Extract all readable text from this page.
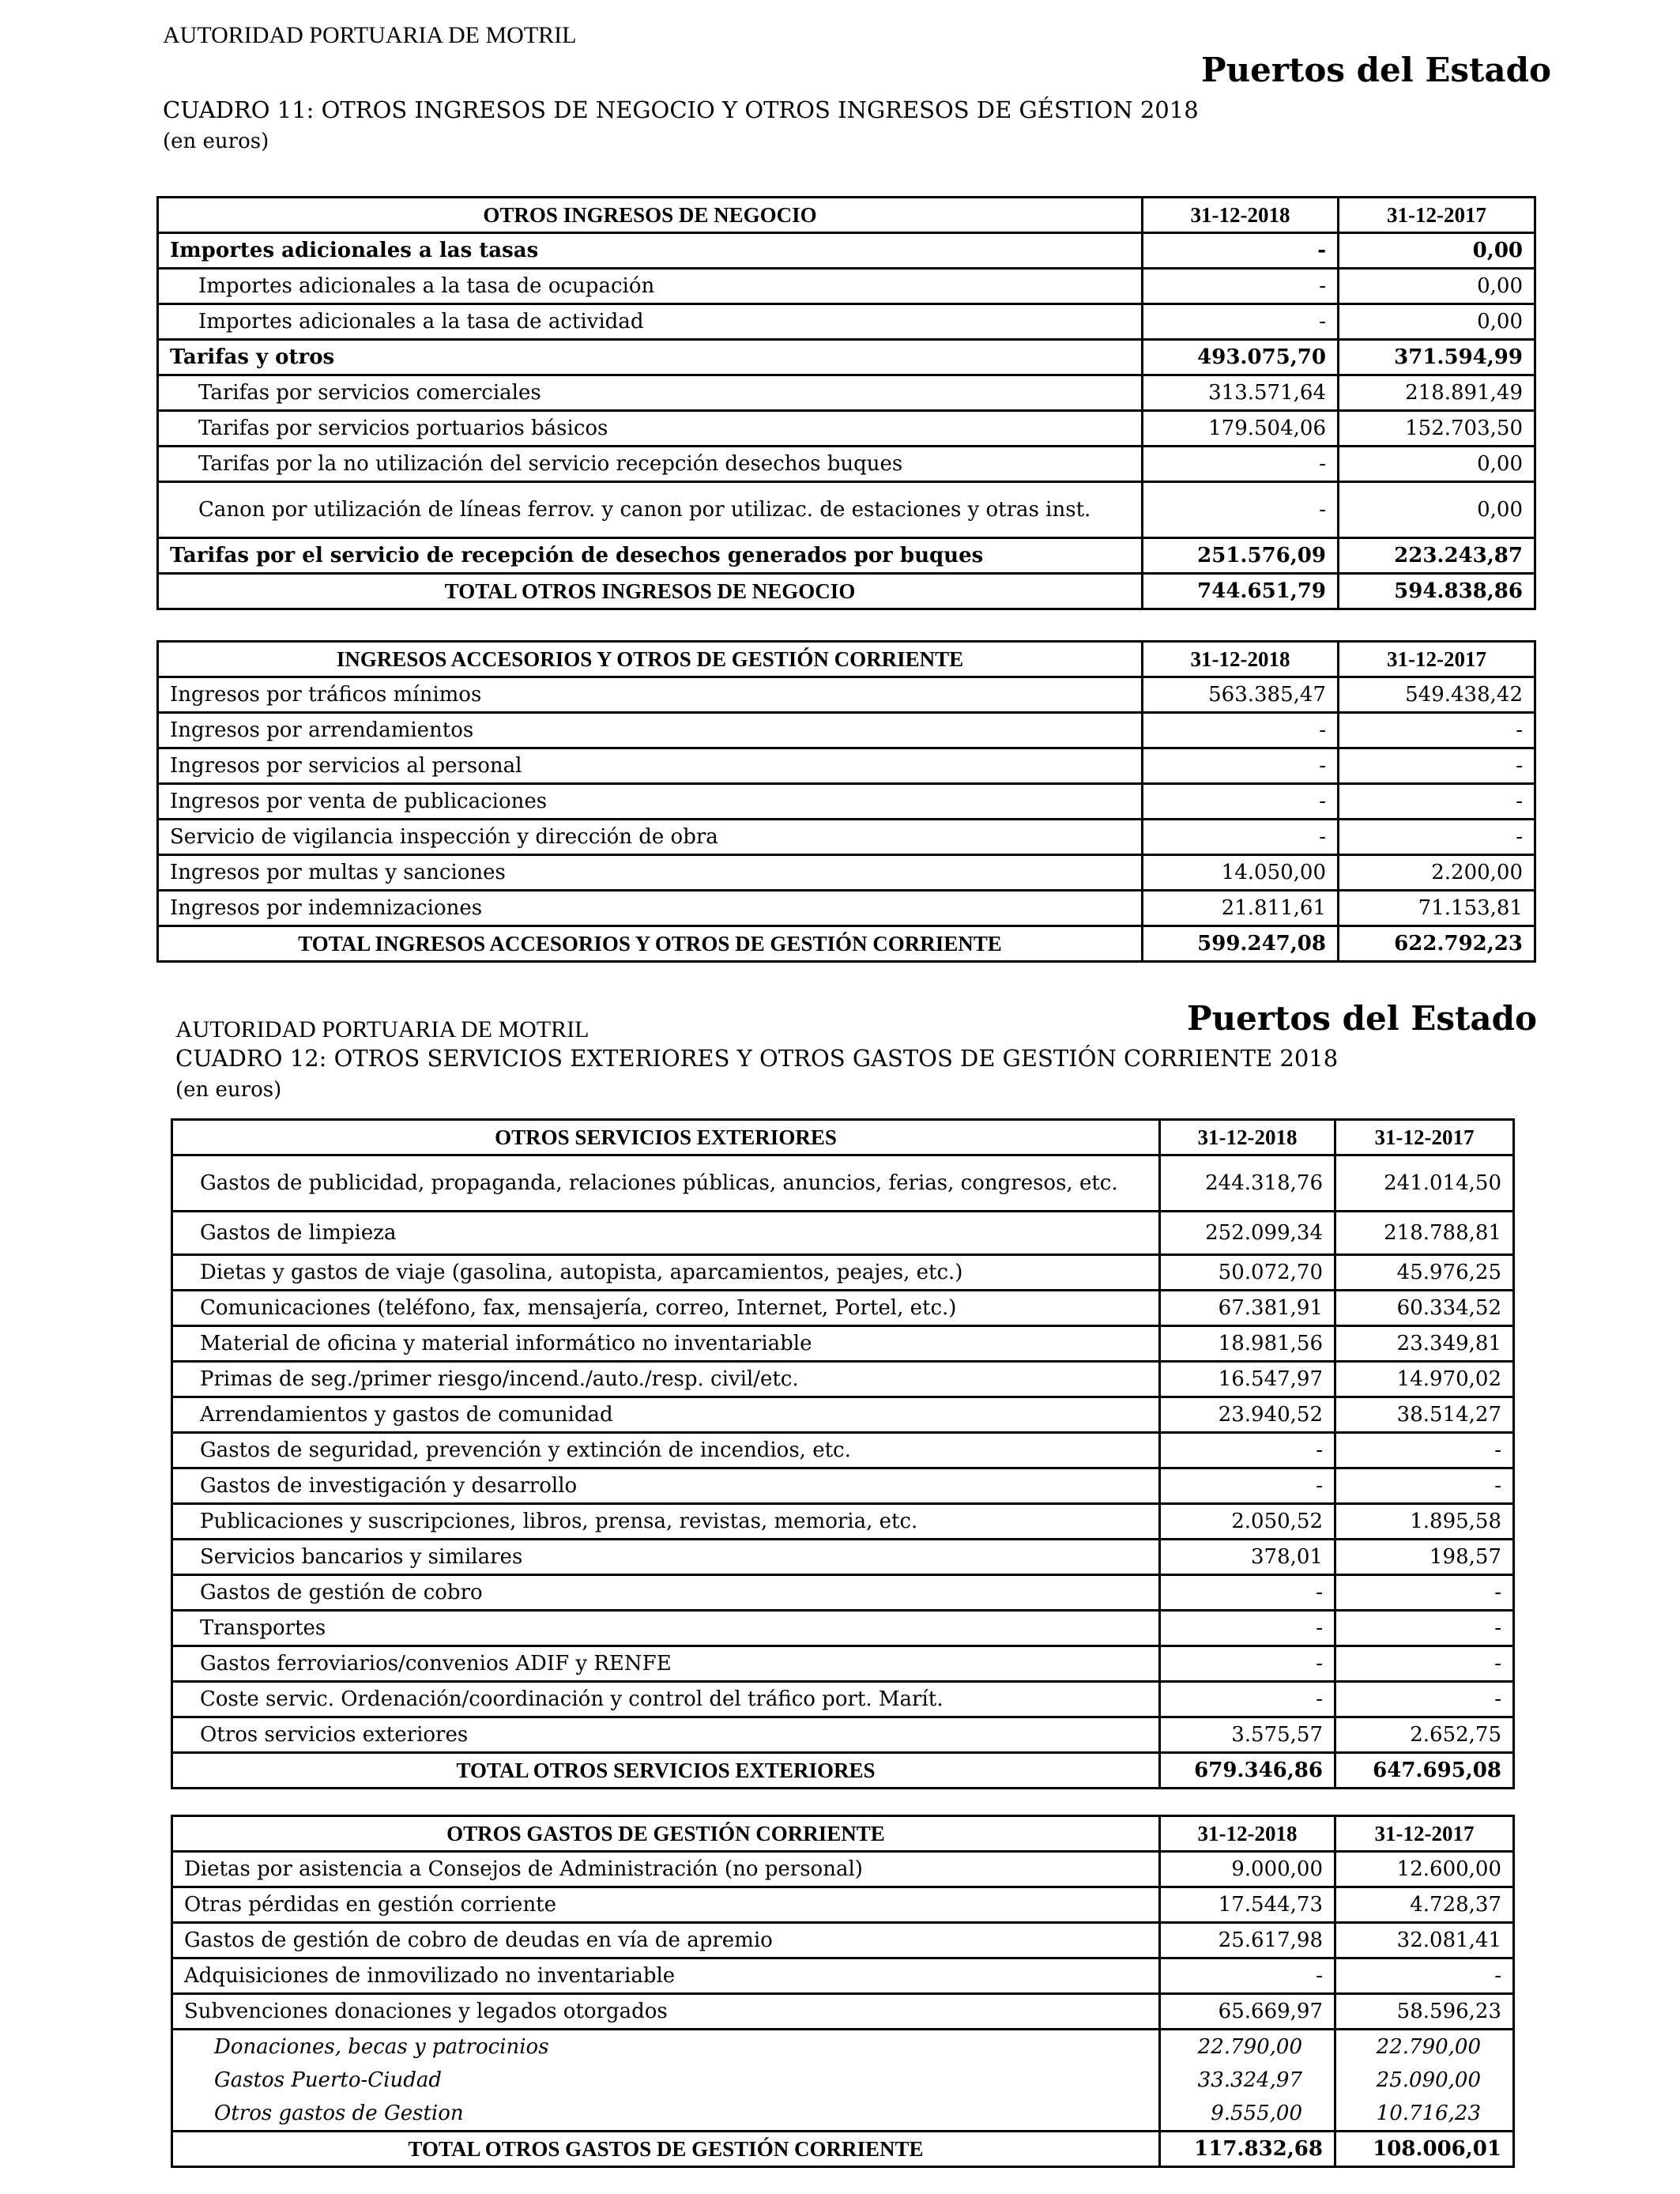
AUTORIDAD PORTUARIA DE MOTRIL
Puertos del Estado
CUADRO 11: OTROS INGRESOS DE NEGOCIO Y OTROS INGRESOS DE GÉSTION 2018
(en euros)
OTROS INGRESOS DE NEGOCIO	31-12-2018	31-12-2017
Importes adicionales a las tasas	-	0,00
Importes adicionales a la tasa de ocupación	-	0,00
Importes adicionales a la tasa de actividad	-	0,00
Tarifas y otros	493.075,70	371.594,99
Tarifas por servicios comerciales	313.571,64	218.891,49
Tarifas por servicios portuarios básicos	179.504,06	152.703,50
Tarifas por la no utilización del servicio recepción desechos buques	-	0,00
Canon por utilización de líneas ferrov. y canon por utilizac. de estaciones y otras inst.	-	0,00
Tarifas por el servicio de recepción de desechos generados por buques	251.576,09	223.243,87
TOTAL OTROS INGRESOS DE NEGOCIO	744.651,79	594.838,86
INGRESOS ACCESORIOS Y OTROS DE GESTIÓN CORRIENTE	31-12-2018	31-12-2017
Ingresos por tráficos mínimos	563.385,47	549.438,42
Ingresos por arrendamientos	-	-
Ingresos por servicios al personal	-	-
Ingresos por venta de publicaciones	-	-
Servicio de vigilancia inspección y dirección de obra	-	-
Ingresos por multas y sanciones	14.050,00	2.200,00
Ingresos por indemnizaciones	21.811,61	71.153,81
TOTAL INGRESOS ACCESORIOS Y OTROS DE GESTIÓN CORRIENTE	599.247,08	622.792,23
AUTORIDAD PORTUARIA DE MOTRIL	Puertos del Estado
CUADRO 12: OTROS SERVICIOS EXTERIORES Y OTROS GASTOS DE GESTIÓN CORRIENTE 2018
(en euros)
OTROS SERVICIOS EXTERIORES	31-12-2018	31-12-2017
Gastos de publicidad, propaganda, relaciones públicas, anuncios, ferias, congresos, etc.	244.318,76	241.014,50
Gastos de limpieza	252.099,34	218.788,81
Dietas y gastos de viaje (gasolina, autopista, aparcamientos, peajes, etc.)	50.072,70	45.976,25
Comunicaciones (teléfono, fax, mensajería, correo, Internet, Portel, etc.)	67.381,91	60.334,52
Material de oficina y material informático no inventariable	18.981,56	23.349,81
Primas de seg./primer riesgo/incend./auto./resp. civil/etc.	16.547,97	14.970,02
Arrendamientos y gastos de comunidad	23.940,52	38.514,27
Gastos de seguridad, prevención y extinción de incendios, etc.	-	-
Gastos de investigación y desarrollo	-	-
Publicaciones y suscripciones, libros, prensa, revistas, memoria, etc.	2.050,52	1.895,58
Servicios bancarios y similares	378,01	198,57
Gastos de gestión de cobro	-	-
Transportes	-	-
Gastos ferroviarios/convenios ADIF y RENFE	-	-
Coste servic. Ordenación/coordinación y control del tráfico port. Marít.	-	-
Otros servicios exteriores	3.575,57	2.652,75
TOTAL OTROS SERVICIOS EXTERIORES	679.346,86	647.695,08
OTROS GASTOS DE GESTIÓN CORRIENTE	31-12-2018	31-12-2017
Dietas por asistencia a Consejos de Administración (no personal)	9.000,00	12.600,00
Otras pérdidas en gestión corriente	17.544,73	4.728,37
Gastos de gestión de cobro de deudas en vía de apremio	25.617,98	32.081,41
Adquisiciones de inmovilizado no inventariable	-	-
Subvenciones donaciones y legados otorgados	65.669,97	58.596,23
Donaciones, becas y patrocinios	22.790,00	22.790,00
Gastos Puerto-Ciudad	33.324,97	25.090,00
Otros gastos de Gestion	9.555,00	10.716,23
TOTAL OTROS GASTOS DE GESTIÓN CORRIENTE	117.832,68	108.006,01
